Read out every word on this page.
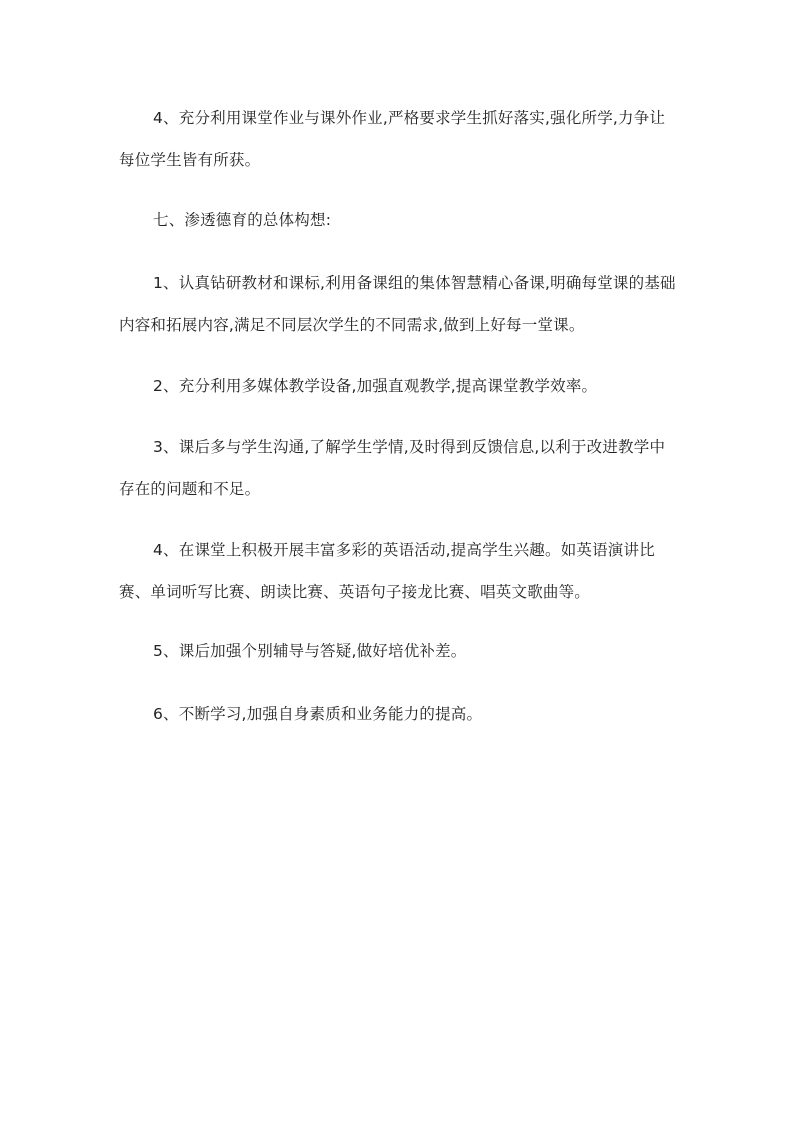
4、充分利用课堂作业与课外作业,严格要求学生抓好落实,强化所学,力争让每位学生皆有所获。

七、渗透德育的总体构想:

1、认真钻研教材和课标,利用备课组的集体智慧精心备课,明确每堂课的基础内容和拓展内容,满足不同层次学生的不同需求,做到上好每一堂课。

2、充分利用多媒体教学设备,加强直观教学,提高课堂教学效率。

3、课后多与学生沟通,了解学生学情,及时得到反馈信息,以利于改进教学中存在的问题和不足。

4、在课堂上积极开展丰富多彩的英语活动,提高学生兴趣。如英语演讲比赛、单词听写比赛、朗读比赛、英语句子接龙比赛、唱英文歌曲等。

5、课后加强个别辅导与答疑,做好培优补差。

6、不断学习,加强自身素质和业务能力的提高。
